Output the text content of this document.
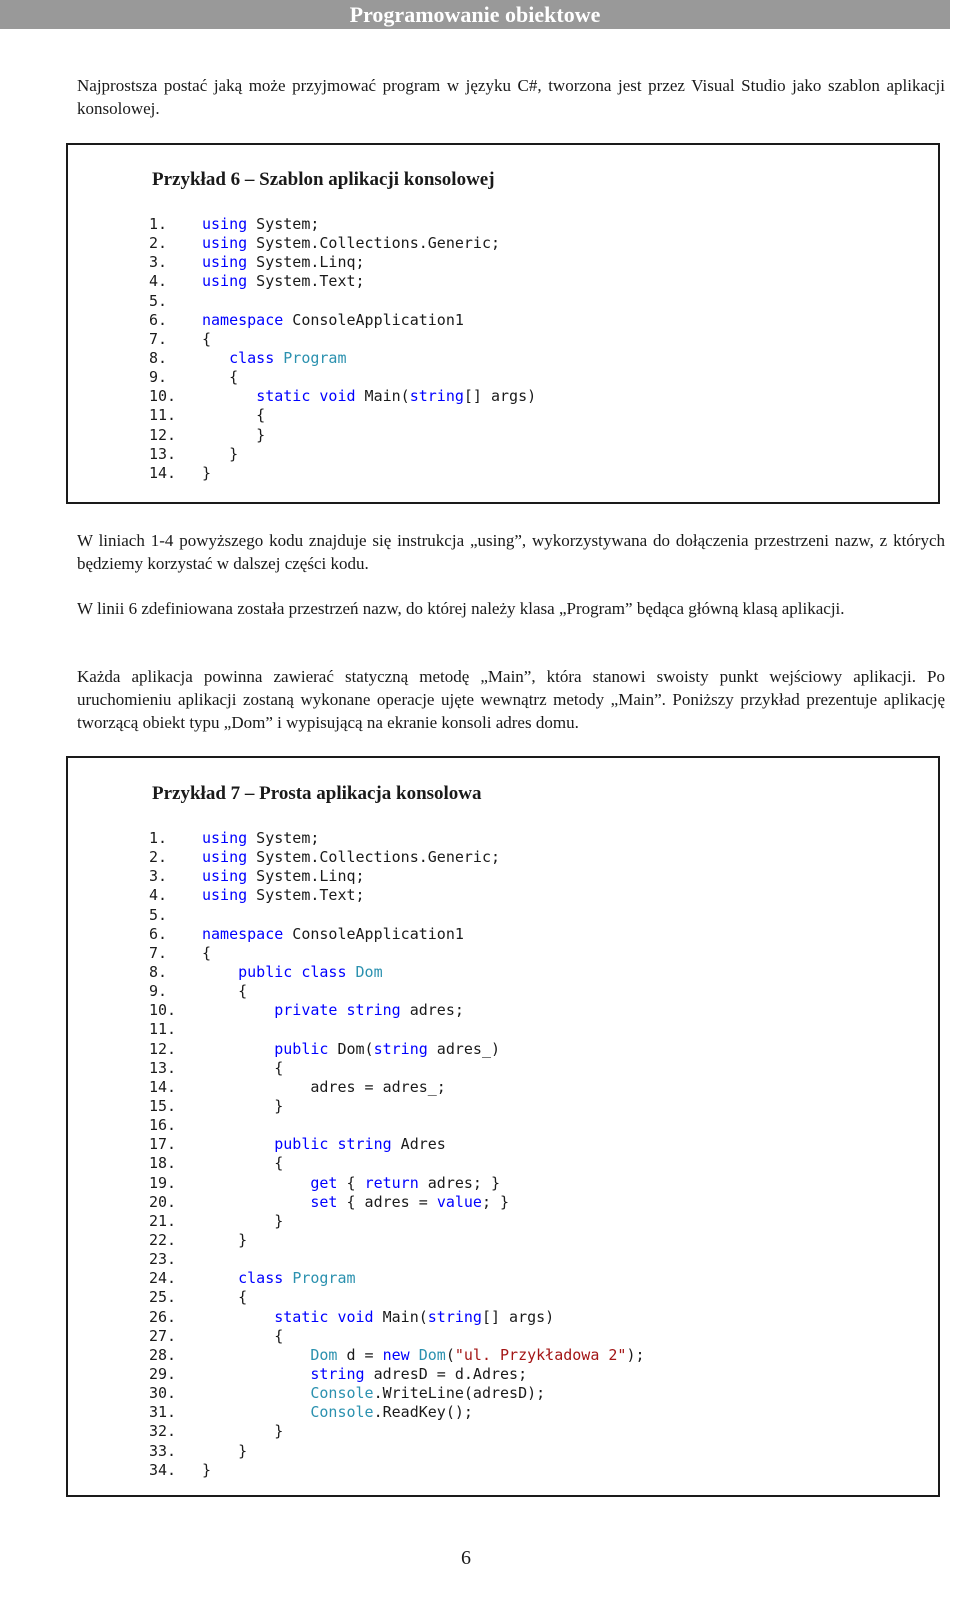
Programowanie obiektowe

Najprostsza postać jaką może przyjmować program w języku C#, tworzona jest przez Visual Studio jako szablon aplikacji konsolowej.

Przykład 6 – Szablon aplikacji konsolowej

1. using System;
2. using System.Collections.Generic;
3. using System.Linq;
4. using System.Text;
5.
6. namespace ConsoleApplication1
7. {
8.	class Program
9.   {
10.	static void Main(string[] args)
11.      {
12.      }
13.   }
14. }

W liniach 1-4 powyższego kodu znajduje się instrukcja „using”, wykorzystywana do dołączenia przestrzeni nazw, z których będziemy korzystać w dalszej części kodu.

W linii 6 zdefiniowana została przestrzeń nazw, do której należy klasa „Program” będąca główną klasą aplikacji.

Każda aplikacja powinna zawierać statyczną metodę „Main”, która stanowi swoisty punkt wejściowy aplikacji. Po uruchomieniu aplikacji zostaną wykonane operacje ujęte wewnątrz metody „Main”. Poniższy przykład prezentuje aplikację tworzącą obiekt typu „Dom” i wypisującą na ekranie konsoli adres domu.

Przykład 7 – Prosta aplikacja konsolowa

1. using System;
2. using System.Collections.Generic;
3. using System.Linq;
4. using System.Text;
5.
6. namespace ConsoleApplication1
7. {
8.	public class Dom
9.    {
10.	private string adres;
11.
12.	public Dom(string adres_)
13.        {
14.            adres = adres_;
15.        }
16.
17.	public string Adres
18.        {
19.	get { return adres; }
20.	set { adres = value; }
21.        }
22.    }
23.
24.	class Program
25.    {
26.	static void Main(string[] args)
27.        {
28.	Dom d = new Dom("ul. Przykładowa 2");
29.	string adresD = d.Adres;
30.	Console.WriteLine(adresD);
31.	Console.ReadKey();
32.        }
33.    }
34. }
6
